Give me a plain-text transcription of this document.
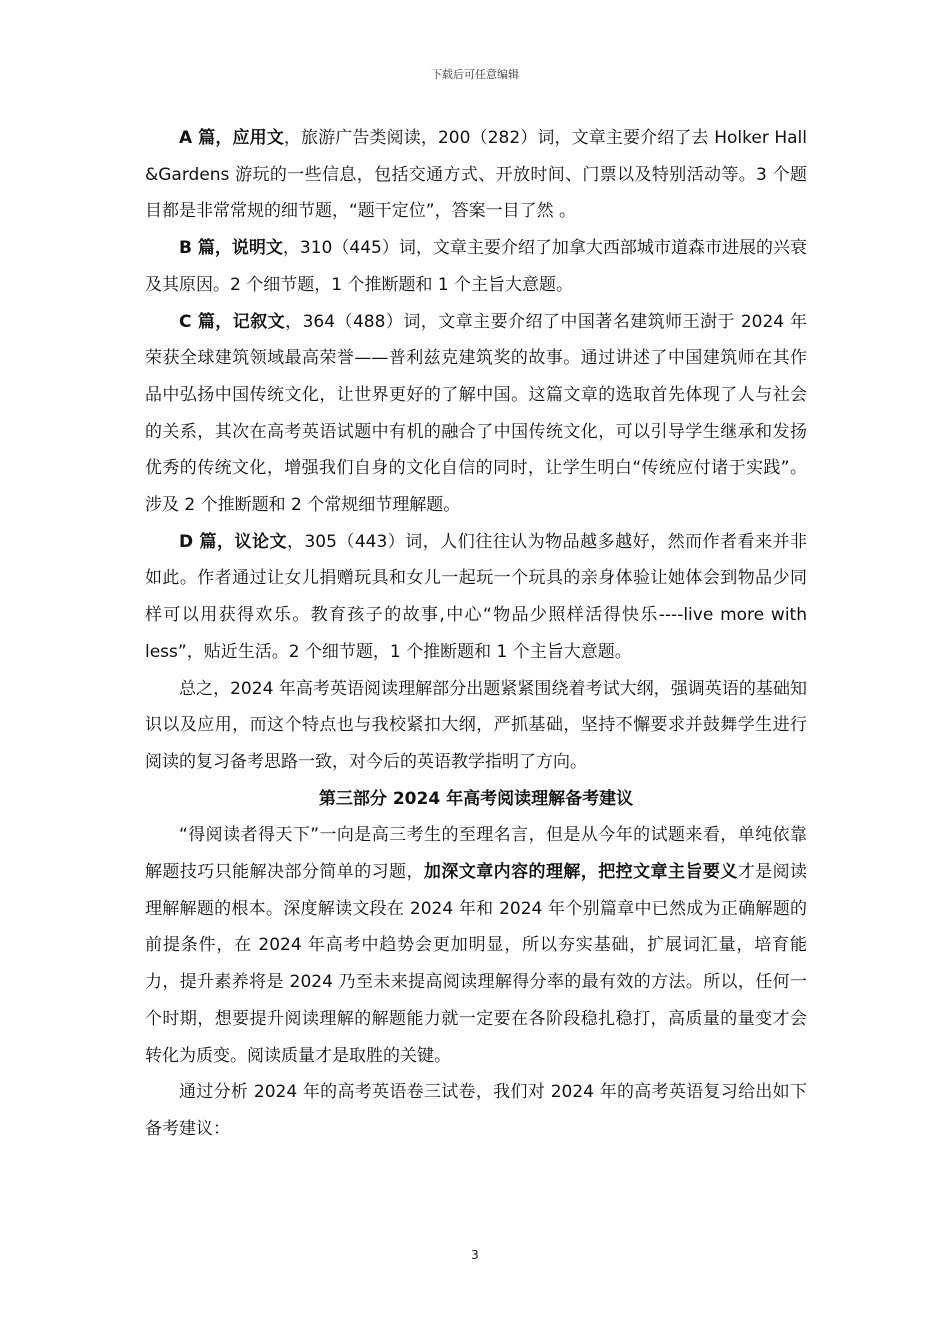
下载后可任意编辑

A 篇，应用文，旅游广告类阅读，200（282）词，文章主要介绍了去 Holker Hall &Gardens 游玩的一些信息，包括交通方式、开放时间、门票以及特别活动等。3 个题目都是非常常规的细节题，“题干定位”，答案一目了然 。

B 篇，说明文，310（445）词，文章主要介绍了加拿大西部城市道森市进展的兴衰及其原因。2 个细节题，1 个推断题和 1 个主旨大意题。

C 篇，记叙文，364（488）词，文章主要介绍了中国著名建筑师王澍于 2024 年荣获全球建筑领域最高荣誉——普利兹克建筑奖的故事。通过讲述了中国建筑师在其作品中弘扬中国传统文化，让世界更好的了解中国。这篇文章的选取首先体现了人与社会的关系，其次在高考英语试题中有机的融合了中国传统文化，可以引导学生继承和发扬优秀的传统文化，增强我们自身的文化自信的同时，让学生明白“传统应付诸于实践”。涉及 2 个推断题和 2 个常规细节理解题。

D 篇，议论文，305（443）词，人们往往认为物品越多越好，然而作者看来并非如此。作者通过让女儿捐赠玩具和女儿一起玩一个玩具的亲身体验让她体会到物品少同样可以用获得欢乐。教育孩子的故事,中心“物品少照样活得快乐----live more with less”，贴近生活。2 个细节题，1 个推断题和 1 个主旨大意题。

总之，2024 年高考英语阅读理解部分出题紧紧围绕着考试大纲，强调英语的基础知识以及应用，而这个特点也与我校紧扣大纲，严抓基础，坚持不懈要求并鼓舞学生进行阅读的复习备考思路一致，对今后的英语教学指明了方向。

第三部分 2024 年高考阅读理解备考建议

“得阅读者得天下”一向是高三考生的至理名言，但是从今年的试题来看，单纯依靠解题技巧只能解决部分简单的习题，加深文章内容的理解，把控文章主旨要义才是阅读理解解题的根本。深度解读文段在 2024 年和 2024 年个别篇章中已然成为正确解题的前提条件，在 2024 年高考中趋势会更加明显，所以夯实基础，扩展词汇量，培育能力，提升素养将是 2024 乃至未来提高阅读理解得分率的最有效的方法。所以，任何一个时期，想要提升阅读理解的解题能力就一定要在各阶段稳扎稳打，高质量的量变才会转化为质变。阅读质量才是取胜的关键。

通过分析 2024 年的高考英语卷三试卷，我们对 2024 年的高考英语复习给出如下备考建议：

3
